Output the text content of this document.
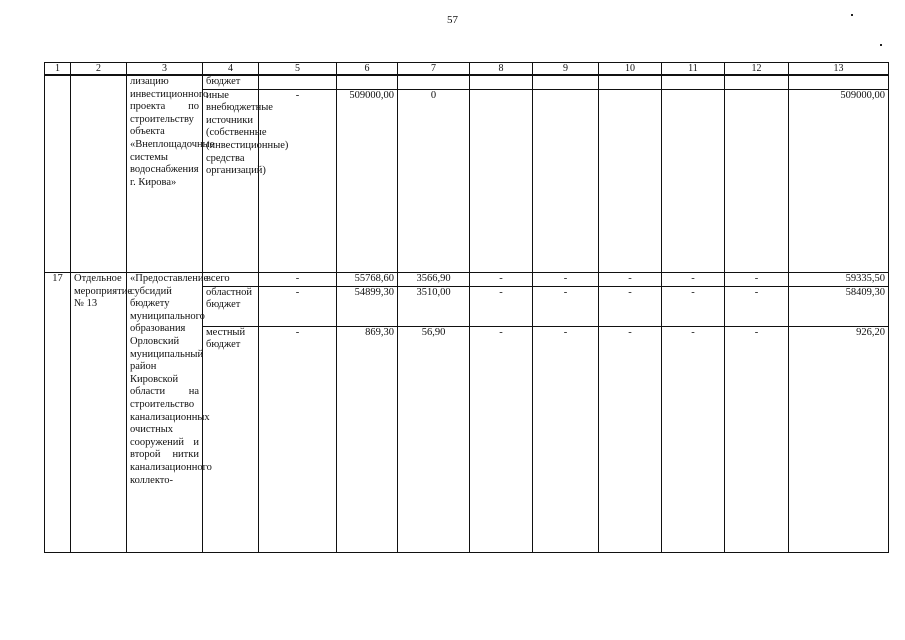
57
1	2	3	4	5	6	7	8	9	10	11	12	13
		лизацию инвестиционного проекта по строительству объекта «Внеплощадочные системы водоснабжения г. Кирова»	бюджет									
			иные внебюджетные источники (собственные (инвестиционные) средства организаций)	-	509000,00	0						509000,00
17	Отдельное мероприятие № 13	«Предоставление субсидий бюджету муниципального образования Орловский муниципальный район Кировской области на строительство канализационных очистных сооружений и второй нитки канализационного коллекто-	всего	-	55768,60	3566,90	-	-	-	-	-	59335,50
			областной бюджет	-	54899,30	3510,00	-	-	-	-	-	58409,30
			местный бюджет	-	869,30	56,90	-	-	-	-	-	926,20
